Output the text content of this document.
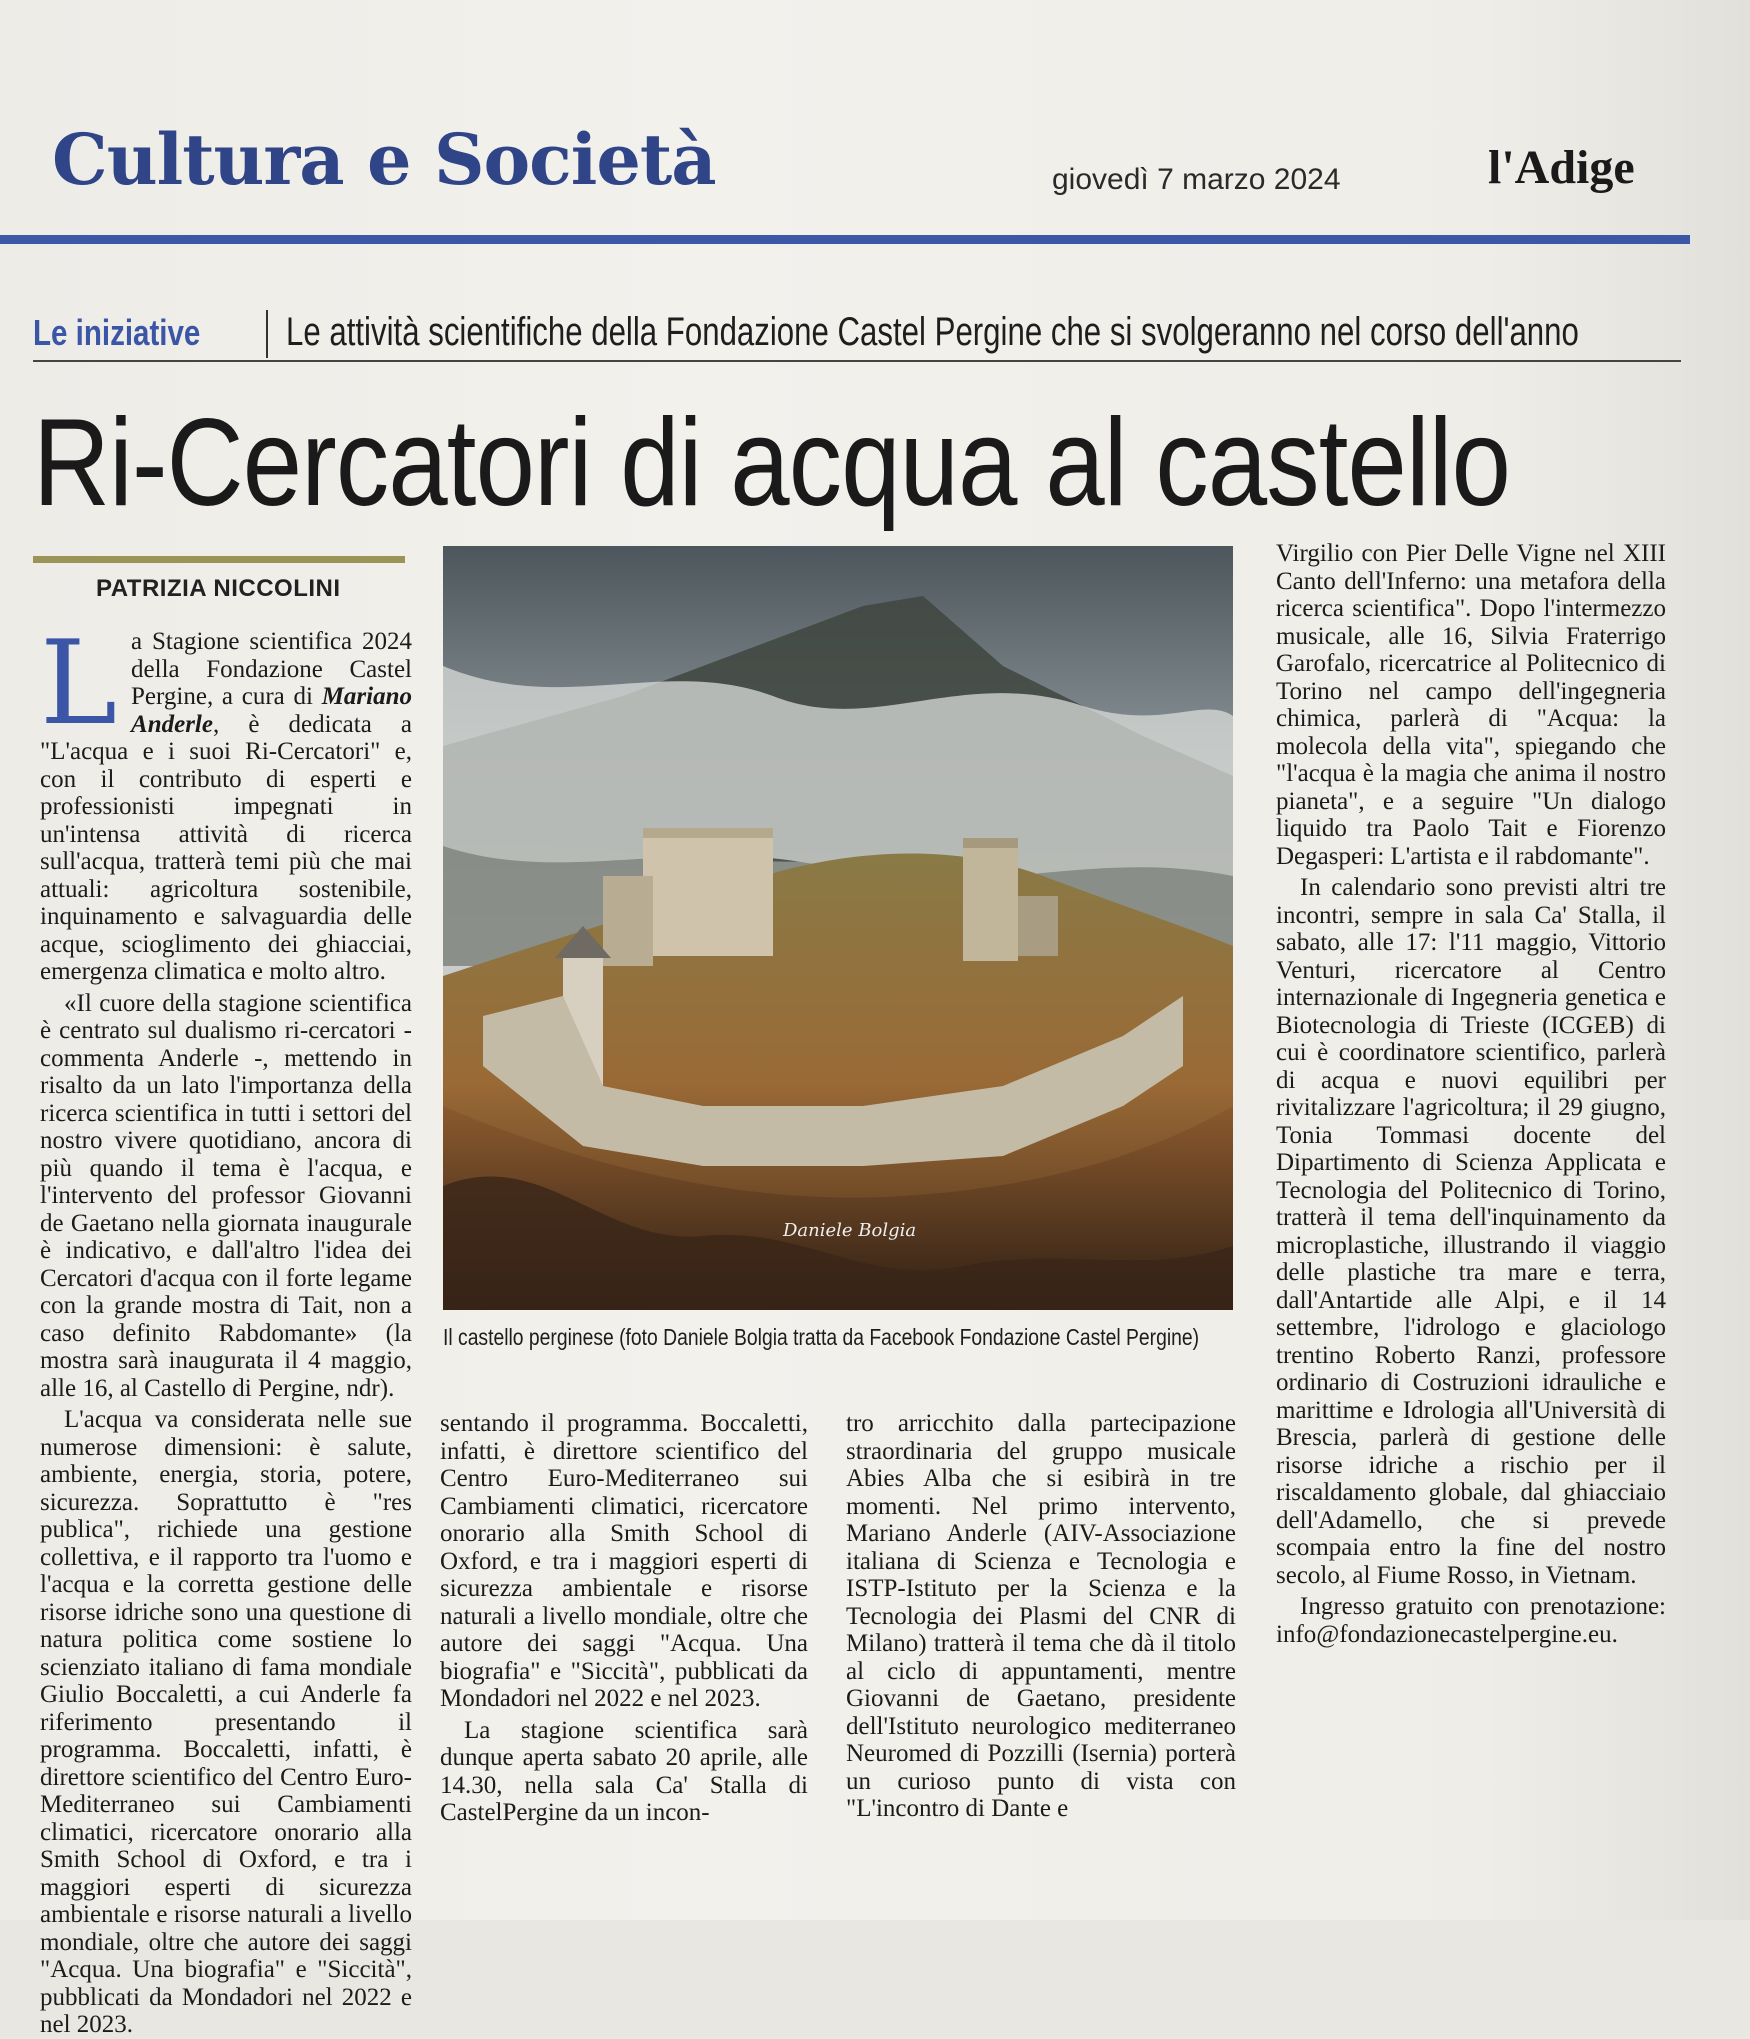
Cultura e Società	giovedì 7 marzo 2024	l'Adige
Le iniziative Le attività scientifiche della Fondazione Castel Pergine che si svolgeranno nel corso dell'anno
Ri-Cercatori di acqua al castello
PATRIZIA NICCOLINI

La Stagione scientifica 2024 della Fondazione Castel Pergine, a cura di Mariano Anderle, è dedicata a "L'acqua e i suoi Ri-Cercatori" e, con il contributo di esperti e professionisti impegnati in un'intensa attività di ricerca sull'acqua, tratterà temi più che mai attuali: agricoltura sostenibile, inquinamento e salvaguardia delle acque, scioglimento dei ghiacciai, emergenza climatica e molto altro.

«Il cuore della stagione scientifica è centrato sul dualismo ri-cercatori - commenta Anderle -, mettendo in risalto da un lato l'importanza della ricerca scientifica in tutti i settori del nostro vivere quotidiano, ancora di più quando il tema è l'acqua, e l'intervento del professor Giovanni de Gaetano nella giornata inaugurale è indicativo, e dall'altro l'idea dei Cercatori d'acqua con il forte legame con la grande mostra di Tait, non a caso definito Rabdomante» (la mostra sarà inaugurata il 4 maggio, alle 16, al Castello di Pergine, ndr).

L'acqua va considerata nelle sue numerose dimensioni: è salute, ambiente, energia, storia, potere, sicurezza. Soprattutto è "res publica", richiede una gestione collettiva, e il rapporto tra l'uomo e l'acqua e la corretta gestione delle risorse idriche sono una questione di natura politica come sostiene lo scienziato italiano di fama mondiale Giulio Boccaletti, a cui Anderle fa riferimento presentando il programma. Boccaletti, infatti, è direttore scientifico del Centro Euro-Mediterraneo sui Cambiamenti climatici, ricercatore onorario alla Smith School di Oxford, e tra i maggiori esperti di sicurezza ambientale e risorse naturali a livello mondiale, oltre che autore dei saggi "Acqua. Una biografia" e "Siccità", pubblicati da Mondadori nel 2022 e nel 2023.

Daniele Bolgia
Il castello perginese (foto Daniele Bolgia tratta da Facebook Fondazione Castel Pergine)

sentando il programma. Boccaletti, infatti, è direttore scientifico del Centro Euro-Mediterraneo sui Cambiamenti climatici, ricercatore onorario alla Smith School di Oxford, e tra i maggiori esperti di sicurezza ambientale e risorse naturali a livello mondiale, oltre che autore dei saggi "Acqua. Una biografia" e "Siccità", pubblicati da Mondadori nel 2022 e nel 2023.

La stagione scientifica sarà dunque aperta sabato 20 aprile, alle 14.30, nella sala Ca' Stalla di CastelPergine da un incon-

tro arricchito dalla partecipazione straordinaria del gruppo musicale Abies Alba che si esibirà in tre momenti. Nel primo intervento, Mariano Anderle (AIV-Associazione italiana di Scienza e Tecnologia e ISTP-Istituto per la Scienza e la Tecnologia dei Plasmi del CNR di Milano) tratterà il tema che dà il titolo al ciclo di appuntamenti, mentre Giovanni de Gaetano, presidente dell'Istituto neurologico mediterraneo Neuromed di Pozzilli (Isernia) porterà un curioso punto di vista con "L'incontro di Dante e

Virgilio con Pier Delle Vigne nel XIII Canto dell'Inferno: una metafora della ricerca scientifica". Dopo l'intermezzo musicale, alle 16, Silvia Fraterrigo Garofalo, ricercatrice al Politecnico di Torino nel campo dell'ingegneria chimica, parlerà di "Acqua: la molecola della vita", spiegando che "l'acqua è la magia che anima il nostro pianeta", e a seguire "Un dialogo liquido tra Paolo Tait e Fiorenzo Degasperi: L'artista e il rabdomante".

In calendario sono previsti altri tre incontri, sempre in sala Ca' Stalla, il sabato, alle 17: l'11 maggio, Vittorio Venturi, ricercatore al Centro internazionale di Ingegneria genetica e Biotecnologia di Trieste (ICGEB) di cui è coordinatore scientifico, parlerà di acqua e nuovi equilibri per rivitalizzare l'agricoltura; il 29 giugno, Tonia Tommasi docente del Dipartimento di Scienza Applicata e Tecnologia del Politecnico di Torino, tratterà il tema dell'inquinamento da microplastiche, illustrando il viaggio delle plastiche tra mare e terra, dall'Antartide alle Alpi, e il 14 settembre, l'idrologo e glaciologo trentino Roberto Ranzi, professore ordinario di Costruzioni idrauliche e marittime e Idrologia all'Università di Brescia, parlerà di gestione delle risorse idriche a rischio per il riscaldamento globale, dal ghiacciaio dell'Adamello, che si prevede scompaia entro la fine del nostro secolo, al Fiume Rosso, in Vietnam.

Ingresso gratuito con prenotazione: info@fondazionecastelpergine.eu.
